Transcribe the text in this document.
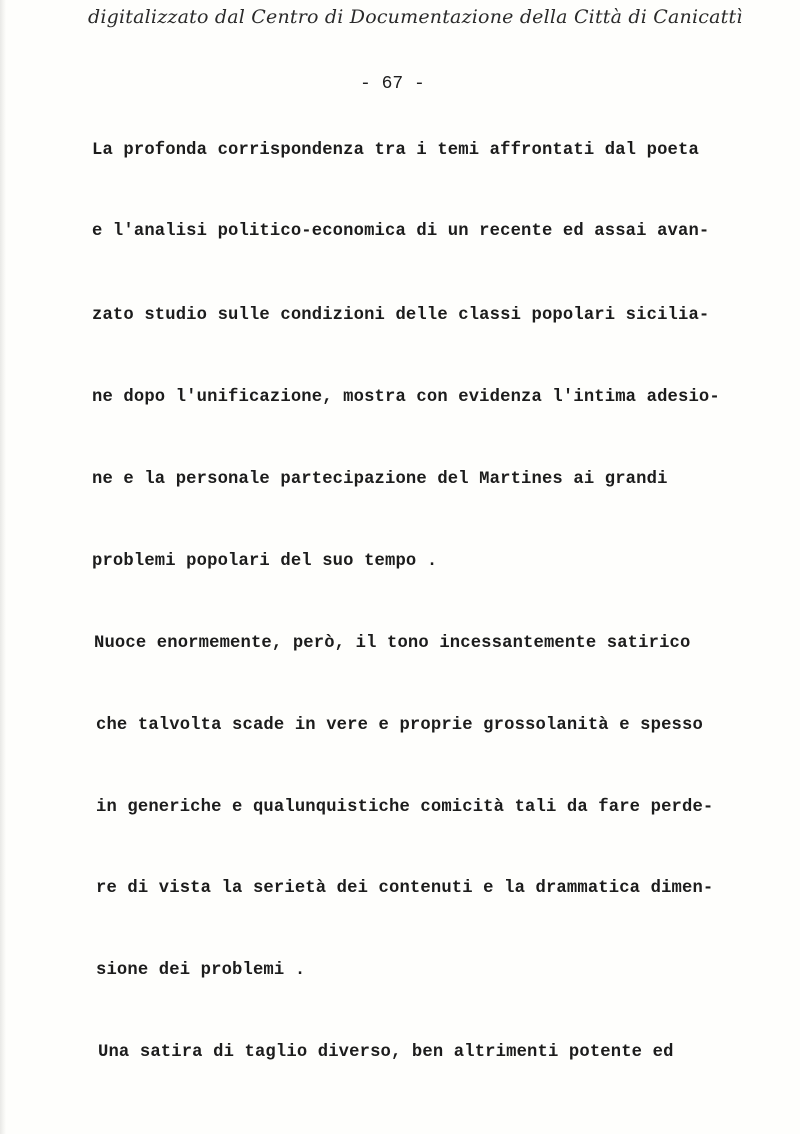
digitalizzato dal Centro di Documentazione della Città di Canicattì
- 67 -
La profonda corrispondenza tra i temi affrontati dal poeta
e l'analisi politico-economica di un recente ed assai avan-
zato studio sulle condizioni delle classi popolari sicilia-
ne dopo l'unificazione, mostra con evidenza l'intima adesio-
ne e la personale partecipazione del Martines ai grandi
problemi popolari del suo tempo .
Nuoce enormemente, però, il tono incessantemente satirico
che talvolta scade in vere e proprie grossolanità e spesso
in generiche e qualunquistiche comicità tali da fare perde-
re di vista la serietà dei contenuti e la drammatica dimen-
sione dei problemi .
Una satira di taglio diverso, ben altrimenti potente ed
